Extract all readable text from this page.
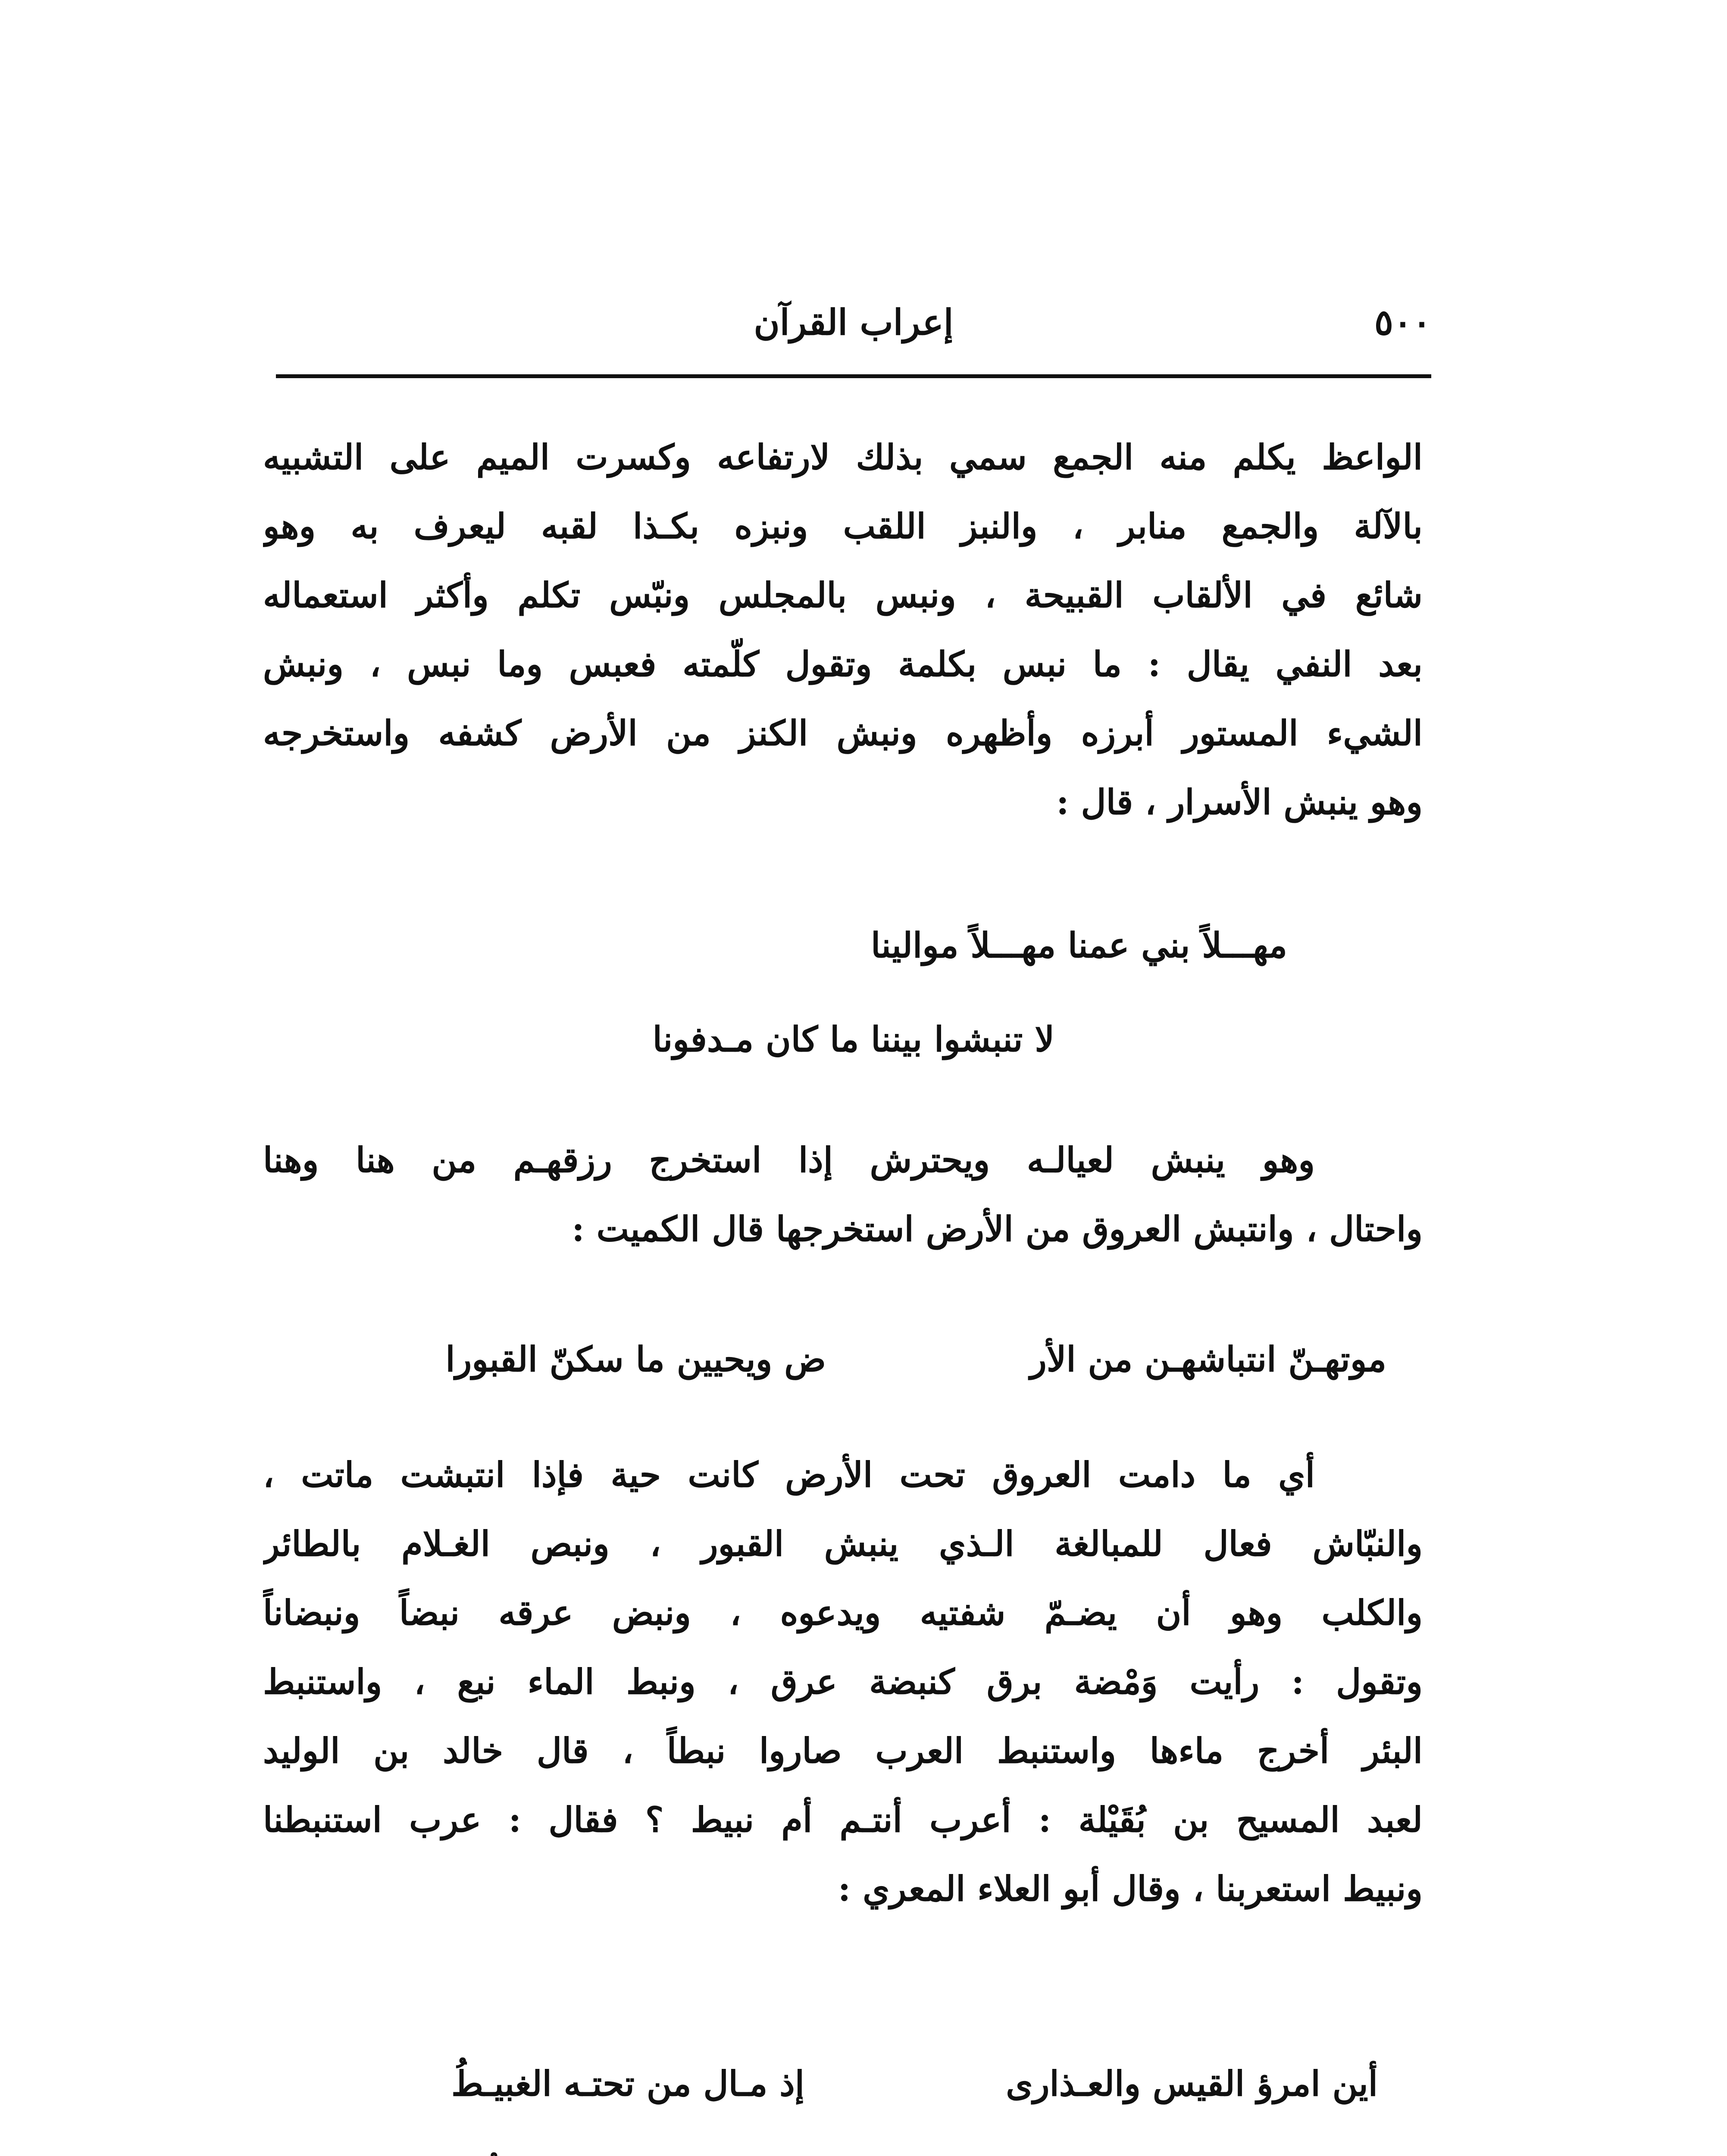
٥٠٠
إعراب القرآن
الواعظ يكلم منه الجمع سمي بذلك لارتفاعه وكسرت الميم على التشبيه
بالآلة والجمع منابر ، والنبز اللقب ونبزه بكـذا لقبه ليعرف به وهو
شائع في الألقاب القبيحة ، ونبس بالمجلس ونبّس تكلم وأكثر استعماله
بعد النفي يقال : ما نبس بكلمة وتقول كلّمته فعبس وما نبس ، ونبش
الشيء المستور أبرزه وأظهره ونبش الكنز من الأرض كشفه واستخرجه
وهو ينبش الأسرار ، قال :
مهـــلاً بني عمنا مهـــلاً موالينا
لا تنبشوا بيننا ما كان مـدفونا
وهو ينبش لعيالـه ويحترش إذا استخرج رزقهـم من هنا وهنا
واحتال ، وانتبش العروق من الأرض استخرجها قال الكميت :
موتهـنّ انتباشهـن من الأر
ض ويحيين ما سكنّ القبورا
أي ما دامت العروق تحت الأرض كانت حية فإذا انتبشت ماتت ،
والنبّاش فعال للمبالغة الـذي ينبش القبور ، ونبص الغـلام بالطائر
والكلب وهو أن يضـمّ شفتيه ويدعوه ، ونبض عرقه نبضاً ونبضاناً
وتقول : رأيت وَمْضة برق كنبضة عرق ، ونبط الماء نبع ، واستنبط
البئر أخرج ماءها واستنبط العرب صاروا نبطاً ، قال خالد بن الوليد
لعبد المسيح بن بُقَيْلة : أعرب أنتـم أم نبيط ؟ فقال : عرب استنبطنا
ونبيط استعربنا ، وقال أبو العلاء المعري :
أين امرؤ القيس والعـذارى
إذ مـال من تحتـه الغبيـطُ
